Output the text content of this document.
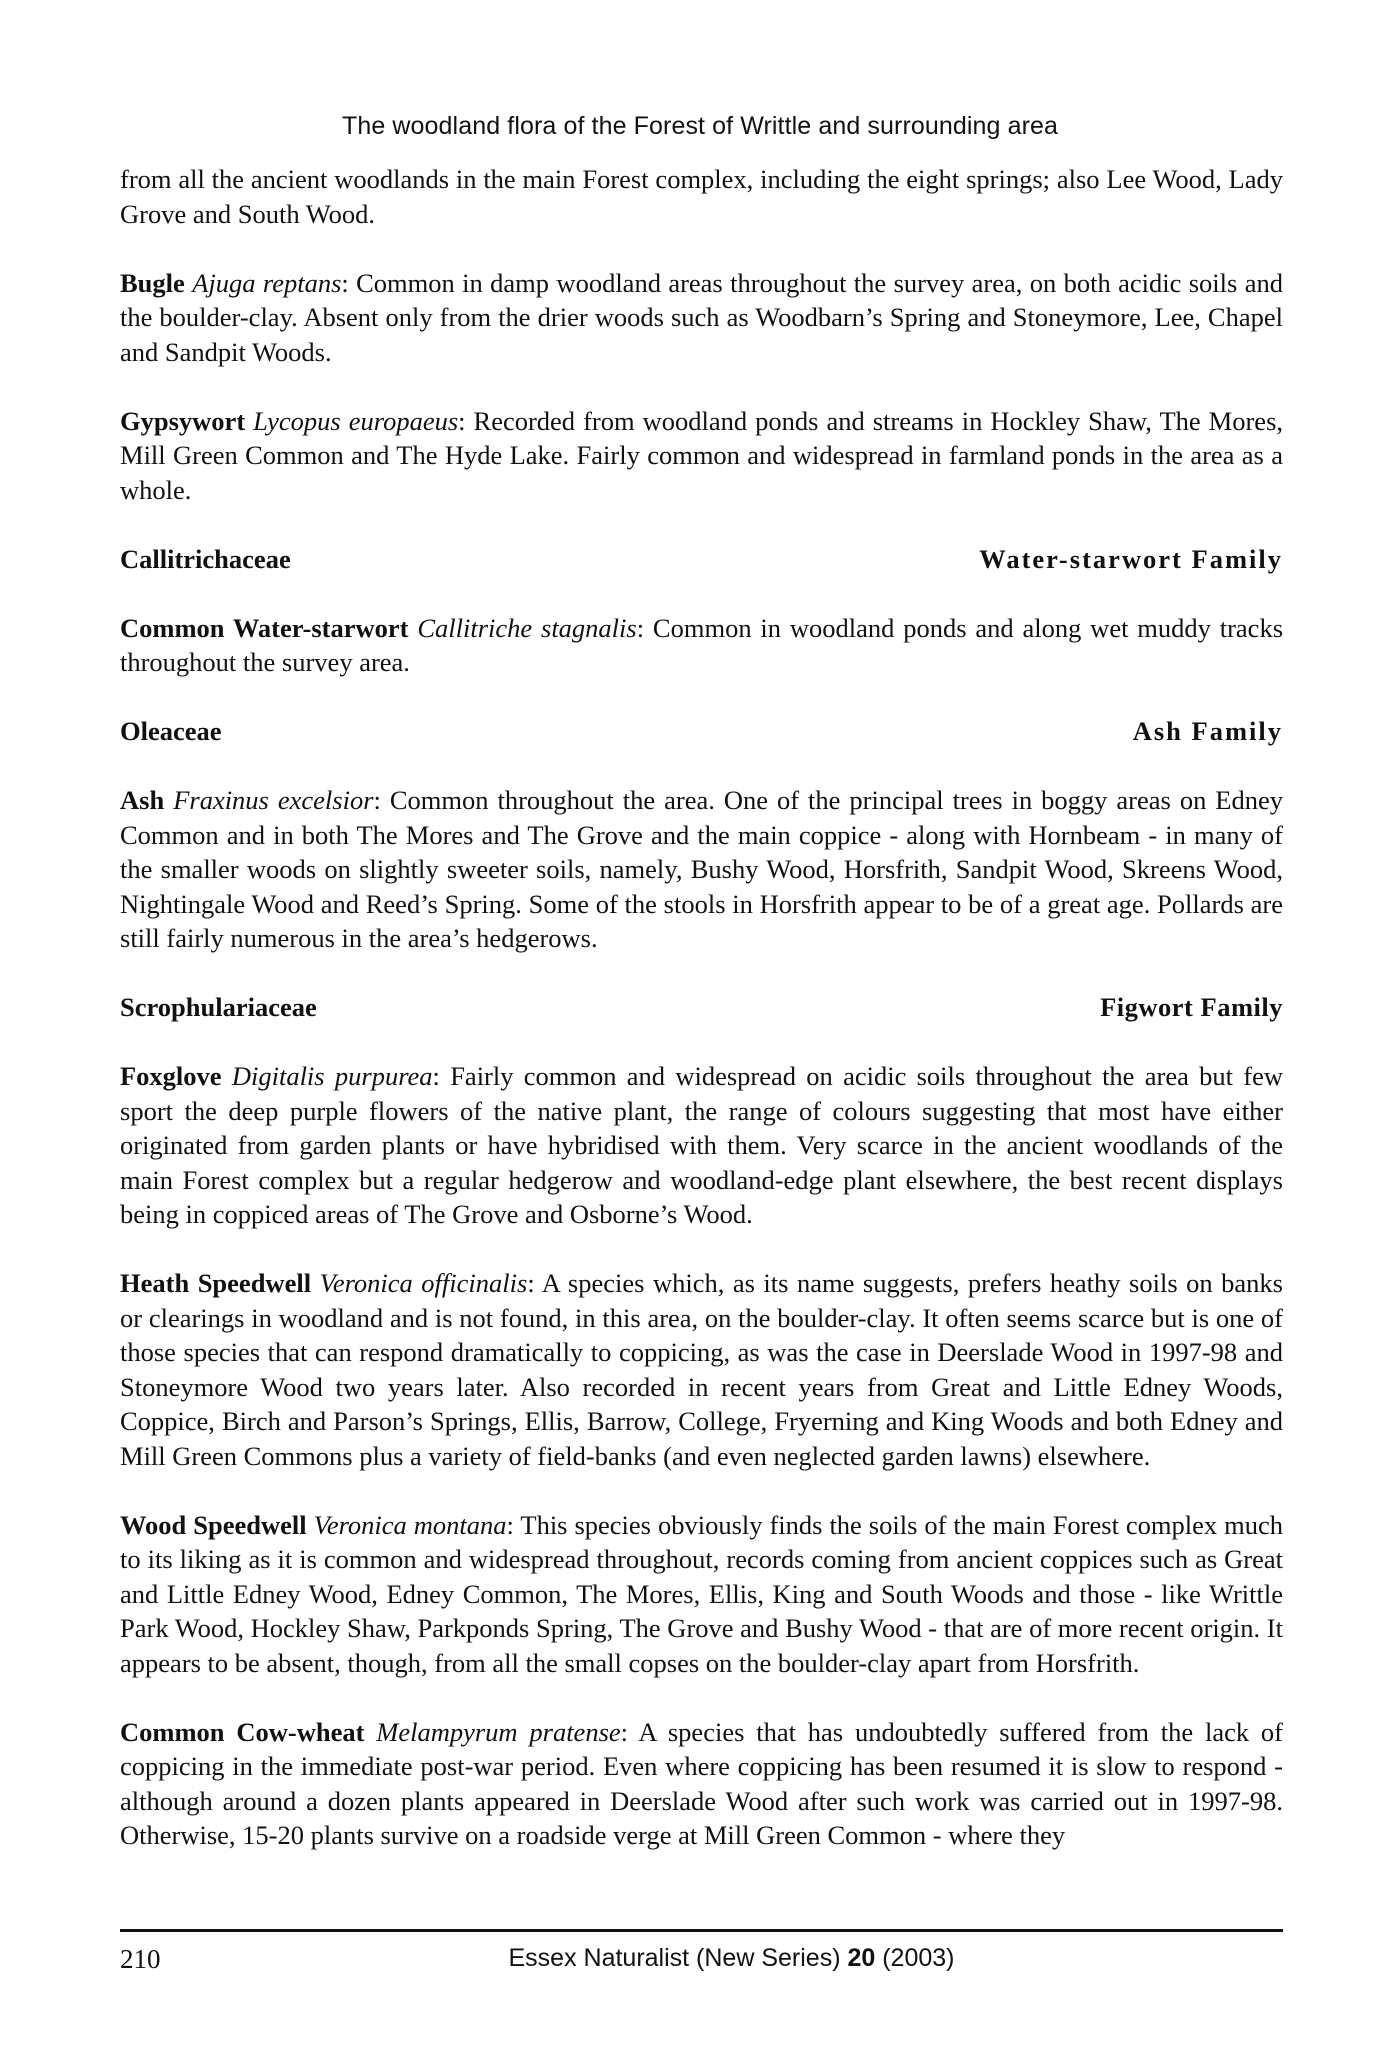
The woodland flora of the Forest of Writtle and surrounding area

from all the ancient woodlands in the main Forest complex, including the eight springs; also Lee Wood, Lady Grove and South Wood.

Bugle Ajuga reptans: Common in damp woodland areas throughout the survey area, on both acidic soils and the boulder-clay. Absent only from the drier woods such as Woodbarn’s Spring and Stoneymore, Lee, Chapel and Sandpit Woods.

Gypsywort Lycopus europaeus: Recorded from woodland ponds and streams in Hockley Shaw, The Mores, Mill Green Common and The Hyde Lake. Fairly common and widespread in farmland ponds in the area as a whole.

Callitrichaceae	Water-starwort Family

Common Water-starwort Callitriche stagnalis: Common in woodland ponds and along wet muddy tracks throughout the survey area.

Oleaceae	Ash Family

Ash Fraxinus excelsior: Common throughout the area. One of the principal trees in boggy areas on Edney Common and in both The Mores and The Grove and the main coppice - along with Hornbeam - in many of the smaller woods on slightly sweeter soils, namely, Bushy Wood, Horsfrith, Sandpit Wood, Skreens Wood, Nightingale Wood and Reed’s Spring. Some of the stools in Horsfrith appear to be of a great age. Pollards are still fairly numerous in the area’s hedgerows.

Scrophulariaceae	Figwort Family

Foxglove Digitalis purpurea: Fairly common and widespread on acidic soils throughout the area but few sport the deep purple flowers of the native plant, the range of colours suggesting that most have either originated from garden plants or have hybridised with them. Very scarce in the ancient woodlands of the main Forest complex but a regular hedgerow and woodland-edge plant elsewhere, the best recent displays being in coppiced areas of The Grove and Osborne’s Wood.

Heath Speedwell Veronica officinalis: A species which, as its name suggests, prefers heathy soils on banks or clearings in woodland and is not found, in this area, on the boulder-clay. It often seems scarce but is one of those species that can respond dramatically to coppicing, as was the case in Deerslade Wood in 1997-98 and Stoneymore Wood two years later. Also recorded in recent years from Great and Little Edney Woods, Coppice, Birch and Parson’s Springs, Ellis, Barrow, College, Fryerning and King Woods and both Edney and Mill Green Commons plus a variety of field-banks (and even neglected garden lawns) elsewhere.

Wood Speedwell Veronica montana: This species obviously finds the soils of the main Forest complex much to its liking as it is common and widespread throughout, records coming from ancient coppices such as Great and Little Edney Wood, Edney Common, The Mores, Ellis, King and South Woods and those - like Writtle Park Wood, Hockley Shaw, Parkponds Spring, The Grove and Bushy Wood - that are of more recent origin. It appears to be absent, though, from all the small copses on the boulder-clay apart from Horsfrith.

Common Cow-wheat Melampyrum pratense: A species that has undoubtedly suffered from the lack of coppicing in the immediate post-war period. Even where coppicing has been resumed it is slow to respond - although around a dozen plants appeared in Deerslade Wood after such work was carried out in 1997-98. Otherwise, 15-20 plants survive on a roadside verge at Mill Green Common - where they

210	Essex Naturalist (New Series) 20 (2003)
